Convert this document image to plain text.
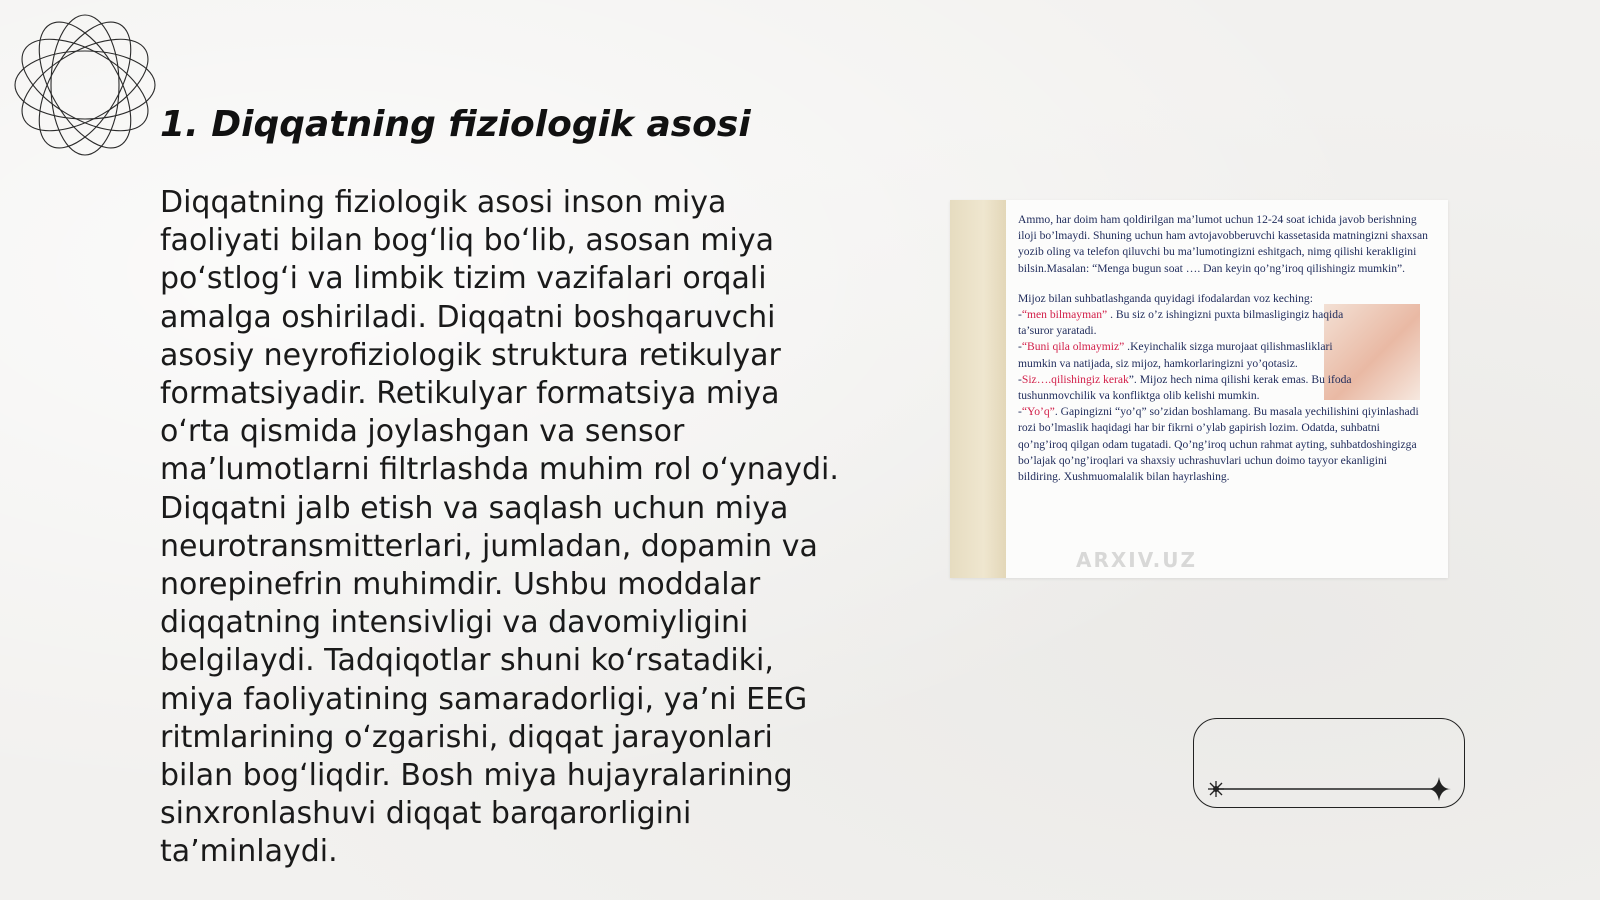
1. Diqqatning fiziologik asosi

Diqqatning fiziologik asosi inson miya faoliyati bilan bog‘liq bo‘lib, asosan miya po‘stlog‘i va limbik tizim vazifalari orqali amalga oshiriladi. Diqqatni boshqaruvchi asosiy neyrofiziologik struktura retikulyar formatsiyadir. Retikulyar formatsiya miya o‘rta qismida joylashgan va sensor ma’lumotlarni filtrlashda muhim rol o‘ynaydi. Diqqatni jalb etish va saqlash uchun miya neurotransmitterlari, jumladan, dopamin va norepinefrin muhimdir. Ushbu moddalar diqqatning intensivligi va davomiyligini belgilaydi. Tadqiqotlar shuni ko‘rsatadiki, miya faoliyatining samaradorligi, ya’ni EEG ritmlarining o‘zgarishi, diqqat jarayonlari bilan bog‘liqdir. Bosh miya hujayralarining sinxronlashuvi diqqat barqarorligini ta’minlaydi.

Ammo, har doim ham qoldirilgan ma’lumot uchun 12-24 soat ichida javob berishning iloji bo’lmaydi. Shuning uchun ham avtojavobberuvchi kassetasida matningizni shaxsan yozib oling va telefon qiluvchi bu ma’lumotingizni eshitgach, nimg qilishi kerakligini bilsin.Masalan: “Menga bugun soat …. Dan keyin qo’ng’iroq qilishingiz mumkin”.

Mijoz bilan suhbatlashganda quyidagi ifodalardan voz keching:
-“men bilmayman” . Bu siz o’z ishingizni puxta bilmasligingiz haqida ta’suror yaratadi.
-“Buni qila olmaymiz” .Keyinchalik sizga murojaat qilishmasliklari mumkin va natijada, siz mijoz, hamkorlaringizni yo’qotasiz.
-Siz….qilishingiz kerak”. Mijoz hech nima qilishi kerak emas. Bu ifoda tushunmovchilik va konfliktga olib kelishi mumkin.
-“Yo’q”. Gapingizni “yo’q” so’zidan boshlamang. Bu masala yechilishini qiyinlashadi rozi bo’lmaslik haqidagi har bir fikrni o’ylab gapirish lozim. Odatda, suhbatni qo’ng’iroq qilgan odam tugatadi. Qo’ng’iroq uchun rahmat ayting, suhbatdoshingizga bo’lajak qo’ng’iroqlari va shaxsiy uchrashuvlari uchun doimo tayyor ekanligini bildiring. Xushmuomalalik bilan hayrlashing.
ARXIV.UZ
